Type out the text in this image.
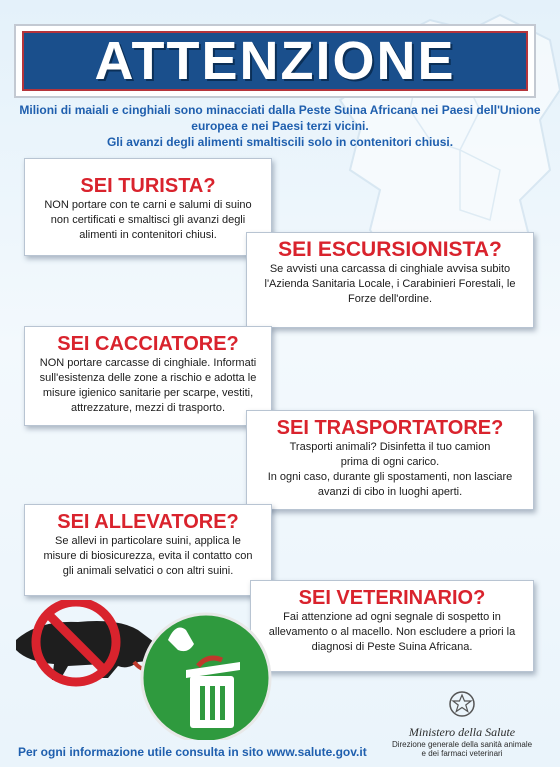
ATTENZIONE
Milioni di maiali e cinghiali sono minacciati dalla Peste Suina Africana nei Paesi dell'Unione
europea e nei Paesi terzi vicini.
Gli avanzi degli alimenti smaltiscili solo in contenitori chiusi.
SEI TURISTA?
NON portare con te carni e salumi di suino
non certificati e smaltisci gli avanzi degli
alimenti in contenitori chiusi.
SEI ESCURSIONISTA?
Se avvisti una carcassa di cinghiale avvisa subito
l'Azienda Sanitaria Locale, i Carabinieri Forestali, le
Forze dell'ordine.
SEI CACCIATORE?
NON portare carcasse di cinghiale. Informati
sull'esistenza delle zone a rischio e adotta le
misure igienico sanitarie per scarpe, vestiti,
attrezzature, mezzi di trasporto.
SEI TRASPORTATORE?
Trasporti animali? Disinfetta il tuo camion
prima di ogni carico.
In ogni caso, durante gli spostamenti, non lasciare
avanzi di cibo in luoghi aperti.
SEI ALLEVATORE?
Se allevi in particolare suini, applica le
misure di biosicurezza, evita il contatto con
gli animali selvatici o con altri suini.
SEI VETERINARIO?
Fai attenzione ad ogni segnale di sospetto in
allevamento o al macello. Non escludere a priori la
diagnosi di Peste Suina Africana.
Ministero della Salute
Direzione generale della sanità animale
e dei farmaci veterinari
Per ogni informazione utile consulta in sito www.salute.gov.it
